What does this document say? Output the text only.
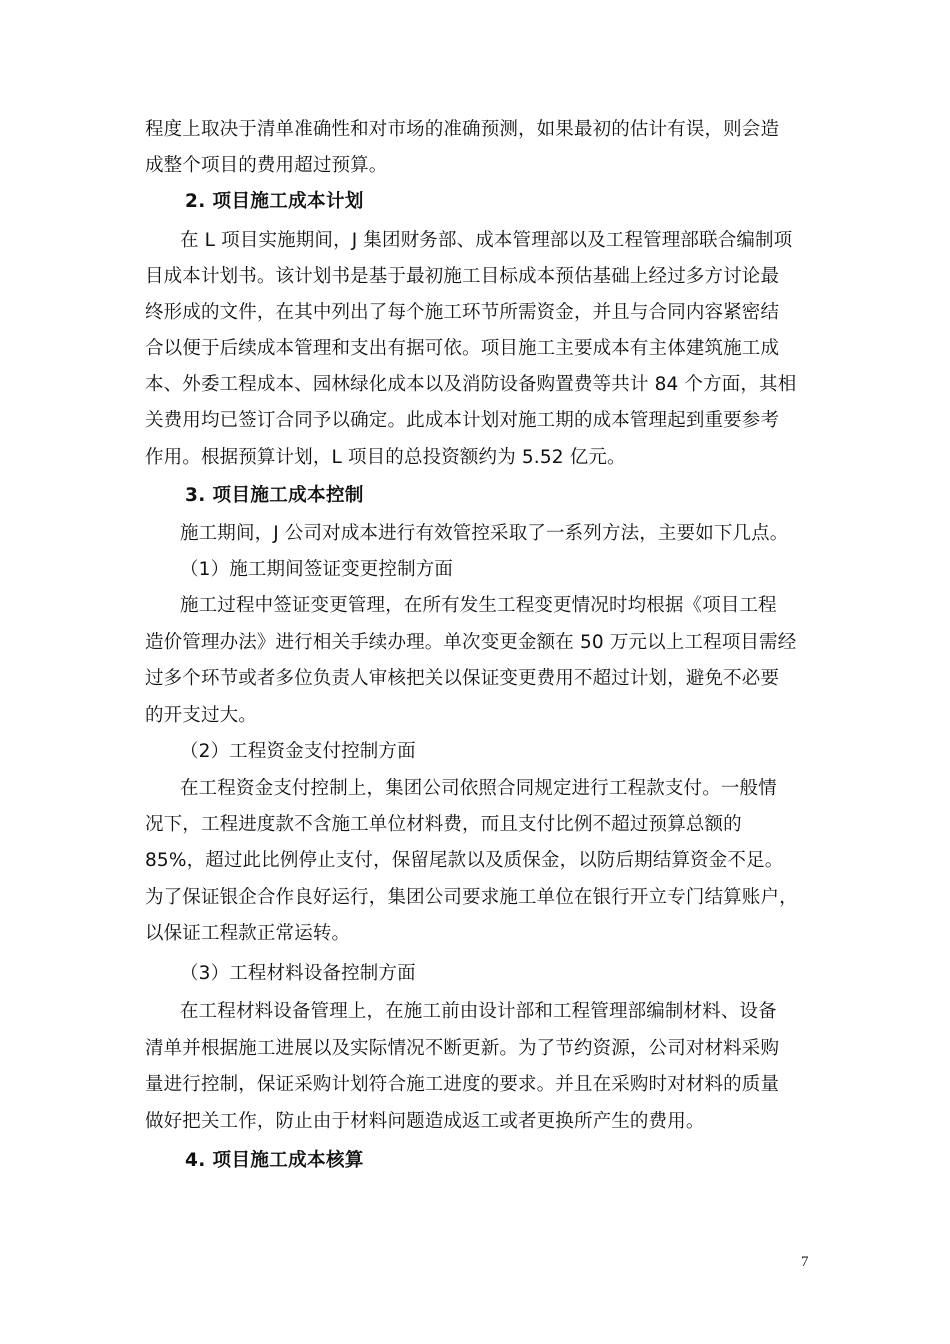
程度上取决于清单准确性和对市场的准确预测，如果最初的估计有误，则会造
成整个项目的费用超过预算。
2. 项目施工成本计划
在 L 项目实施期间，J 集团财务部、成本管理部以及工程管理部联合编制项
目成本计划书。该计划书是基于最初施工目标成本预估基础上经过多方讨论最
终形成的文件，在其中列出了每个施工环节所需资金，并且与合同内容紧密结
合以便于后续成本管理和支出有据可依。项目施工主要成本有主体建筑施工成
本、外委工程成本、园林绿化成本以及消防设备购置费等共计 84 个方面，其相
关费用均已签订合同予以确定。此成本计划对施工期的成本管理起到重要参考
作用。根据预算计划，L 项目的总投资额约为 5.52 亿元。
3. 项目施工成本控制
施工期间，J 公司对成本进行有效管控采取了一系列方法，主要如下几点。
（1）施工期间签证变更控制方面
施工过程中签证变更管理，在所有发生工程变更情况时均根据《项目工程
造价管理办法》进行相关手续办理。单次变更金额在 50 万元以上工程项目需经
过多个环节或者多位负责人审核把关以保证变更费用不超过计划，避免不必要
的开支过大。
（2）工程资金支付控制方面
在工程资金支付控制上，集团公司依照合同规定进行工程款支付。一般情
况下，工程进度款不含施工单位材料费，而且支付比例不超过预算总额的
85%，超过此比例停止支付，保留尾款以及质保金，以防后期结算资金不足。
为了保证银企合作良好运行，集团公司要求施工单位在银行开立专门结算账户，
以保证工程款正常运转。
（3）工程材料设备控制方面
在工程材料设备管理上，在施工前由设计部和工程管理部编制材料、设备
清单并根据施工进展以及实际情况不断更新。为了节约资源，公司对材料采购
量进行控制，保证采购计划符合施工进度的要求。并且在采购时对材料的质量
做好把关工作，防止由于材料问题造成返工或者更换所产生的费用。
4. 项目施工成本核算
7
